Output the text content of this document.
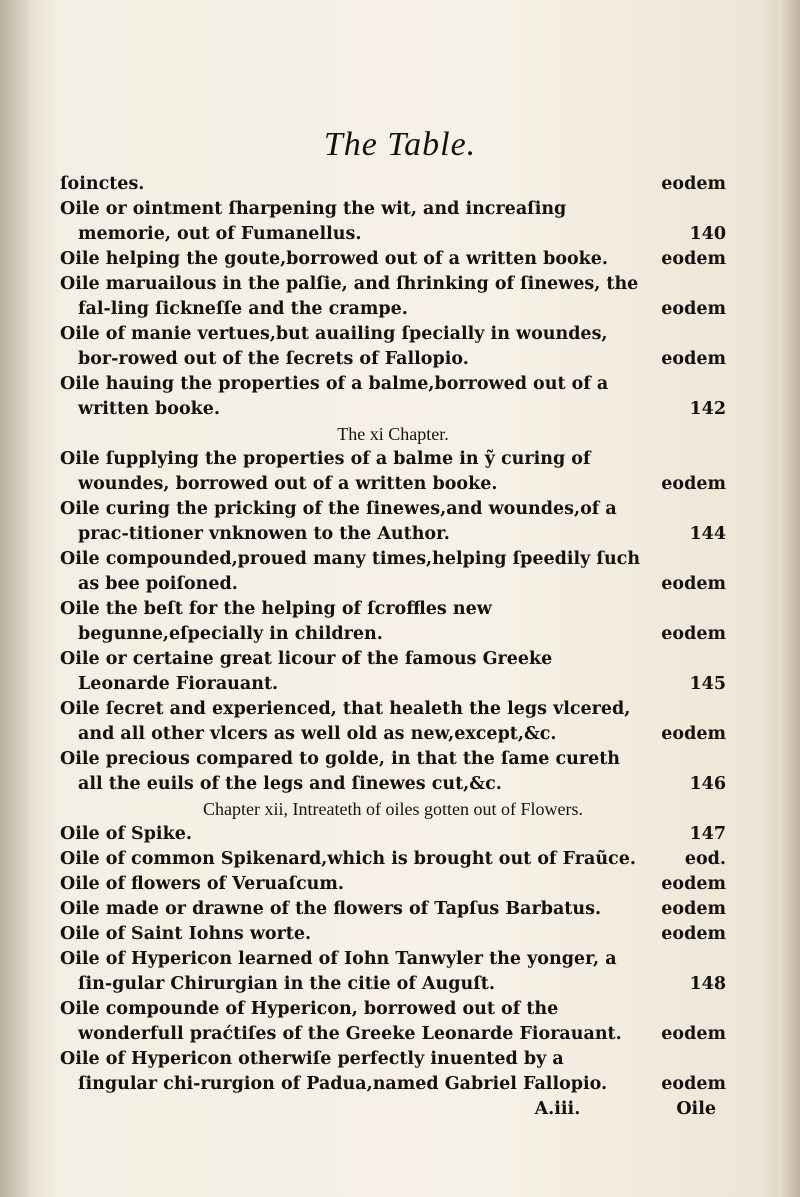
The Table.
ſoinctes.	eodem
Oile or ointment ſharpening the wit, and increaſing memorie, out of Fumanellus.	140
Oile helping the goute,borrowed out of a written booke.	eodem
Oile maruailous in the palſie, and ſhrinking of ſinewes, the fal-ling ſickneſſe and the crampe.	eodem
Oile of manie vertues,but auailing ſpecially in woundes, bor-rowed out of the ſecrets of Fallopio.	eodem
Oile hauing the properties of a balme,borrowed out of a written booke.	142
The xi Chapter.
Oile ſupplying the properties of a balme in ỹ curing of woundes, borrowed out of a written booke.	eodem
Oile curing the pricking of the ſinewes,and woundes,of a prac-titioner vnknowen to the Author.	144
Oile compounded,proued many times,helping ſpeedily ſuch as bee poiſoned.	eodem
Oile the beſt for the helping of ſcroffles new begunne,eſpecially in children.	eodem
Oile or certaine great licour of the famous Greeke Leonarde Fiorauant.	145
Oile ſecret and experienced, that healeth the legs vlcered, and all other vlcers as well old as new,except,&c.	eodem
Oile precious compared to golde, in that the ſame cureth all the euils of the legs and ſinewes cut,&c.	146
Chapter xii, Intreateth of oiles gotten out of Flowers.
Oile of Spike.	147
Oile of common Spikenard,which is brought out of Fraũce.	eod.
Oile of flowers of Veruaſcum.	eodem
Oile made or drawne of the flowers of Tapſus Barbatus.	eodem
Oile of Saint Iohns worte.	eodem
Oile of Hypericon learned of Iohn Tanwyler the yonger, a ſin-gular Chirurgian in the citie of Auguſt.	148
Oile compounde of Hypericon, borrowed out of the wonderfull praćtiſes of the Greeke Leonarde Fiorauant. eodem
Oile of Hypericon otherwiſe perfectly inuented by a ſingular chi-rurgion of Padua,named Gabriel Fallopio.	eodem
A.iii.	Oile
